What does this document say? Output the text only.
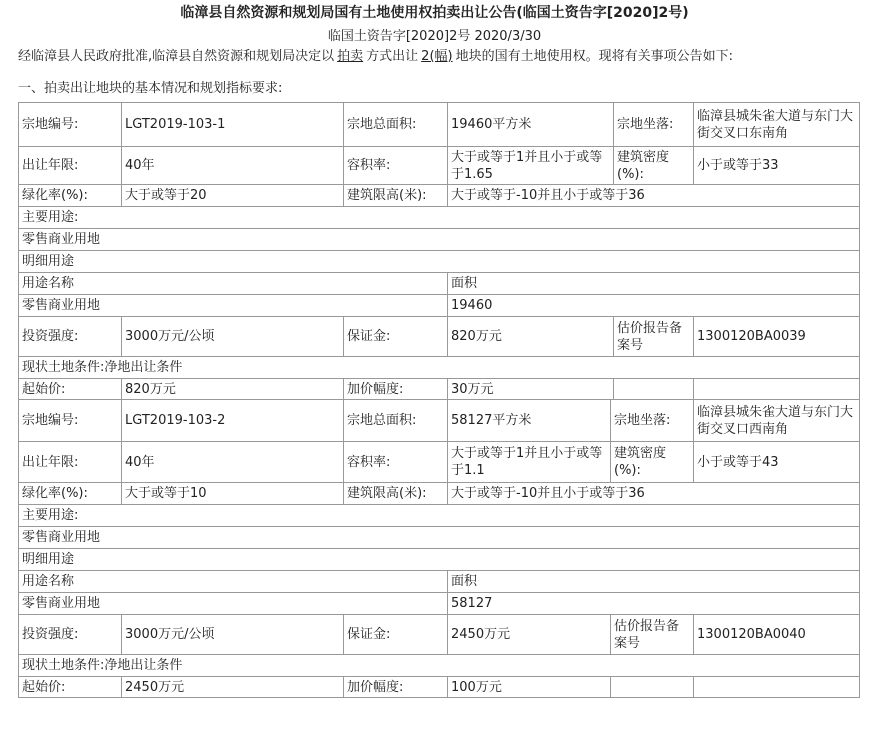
临漳县自然资源和规划局国有土地使用权拍卖出让公告(临国土资告字[2020]2号)
临国土资告字[2020]2号 2020/3/30
经临漳县人民政府批准,临漳县自然资源和规划局决定以 拍卖 方式出让 2(幅) 地块的国有土地使用权。现将有关事项公告如下:
一、拍卖出让地块的基本情况和规划指标要求:
宗地编号:	LGT2019-103-1	宗地总面积:	19460平方米	宗地坐落:	临漳县城朱雀大道与东门大街交叉口东南角
出让年限:	40年	容积率:	大于或等于1并且小于或等于1.65	建筑密度(%):	小于或等于33
绿化率(%):	大于或等于20	建筑限高(米):	大于或等于-10并且小于或等于36		
主要用途:					
零售商业用地					
明细用途					
用途名称			面积		
零售商业用地			19460		
投资强度:	3000万元/公顷	保证金:	820万元	估价报告备案号	1300120BA0039
现状土地条件:净地出让条件					
起始价:	820万元	加价幅度:	30万元		
宗地编号:	LGT2019-103-2	宗地总面积:	58127平方米	宗地坐落:	临漳县城朱雀大道与东门大街交叉口西南角
出让年限:	40年	容积率:	大于或等于1并且小于或等于1.1	建筑密度(%):	小于或等于43
绿化率(%):	大于或等于10	建筑限高(米):	大于或等于-10并且小于或等于36		
主要用途:					
零售商业用地					
明细用途					
用途名称			面积		
零售商业用地			58127		
投资强度:	3000万元/公顷	保证金:	2450万元	估价报告备案号	1300120BA0040
现状土地条件:净地出让条件					
起始价:	2450万元	加价幅度:	100万元		
